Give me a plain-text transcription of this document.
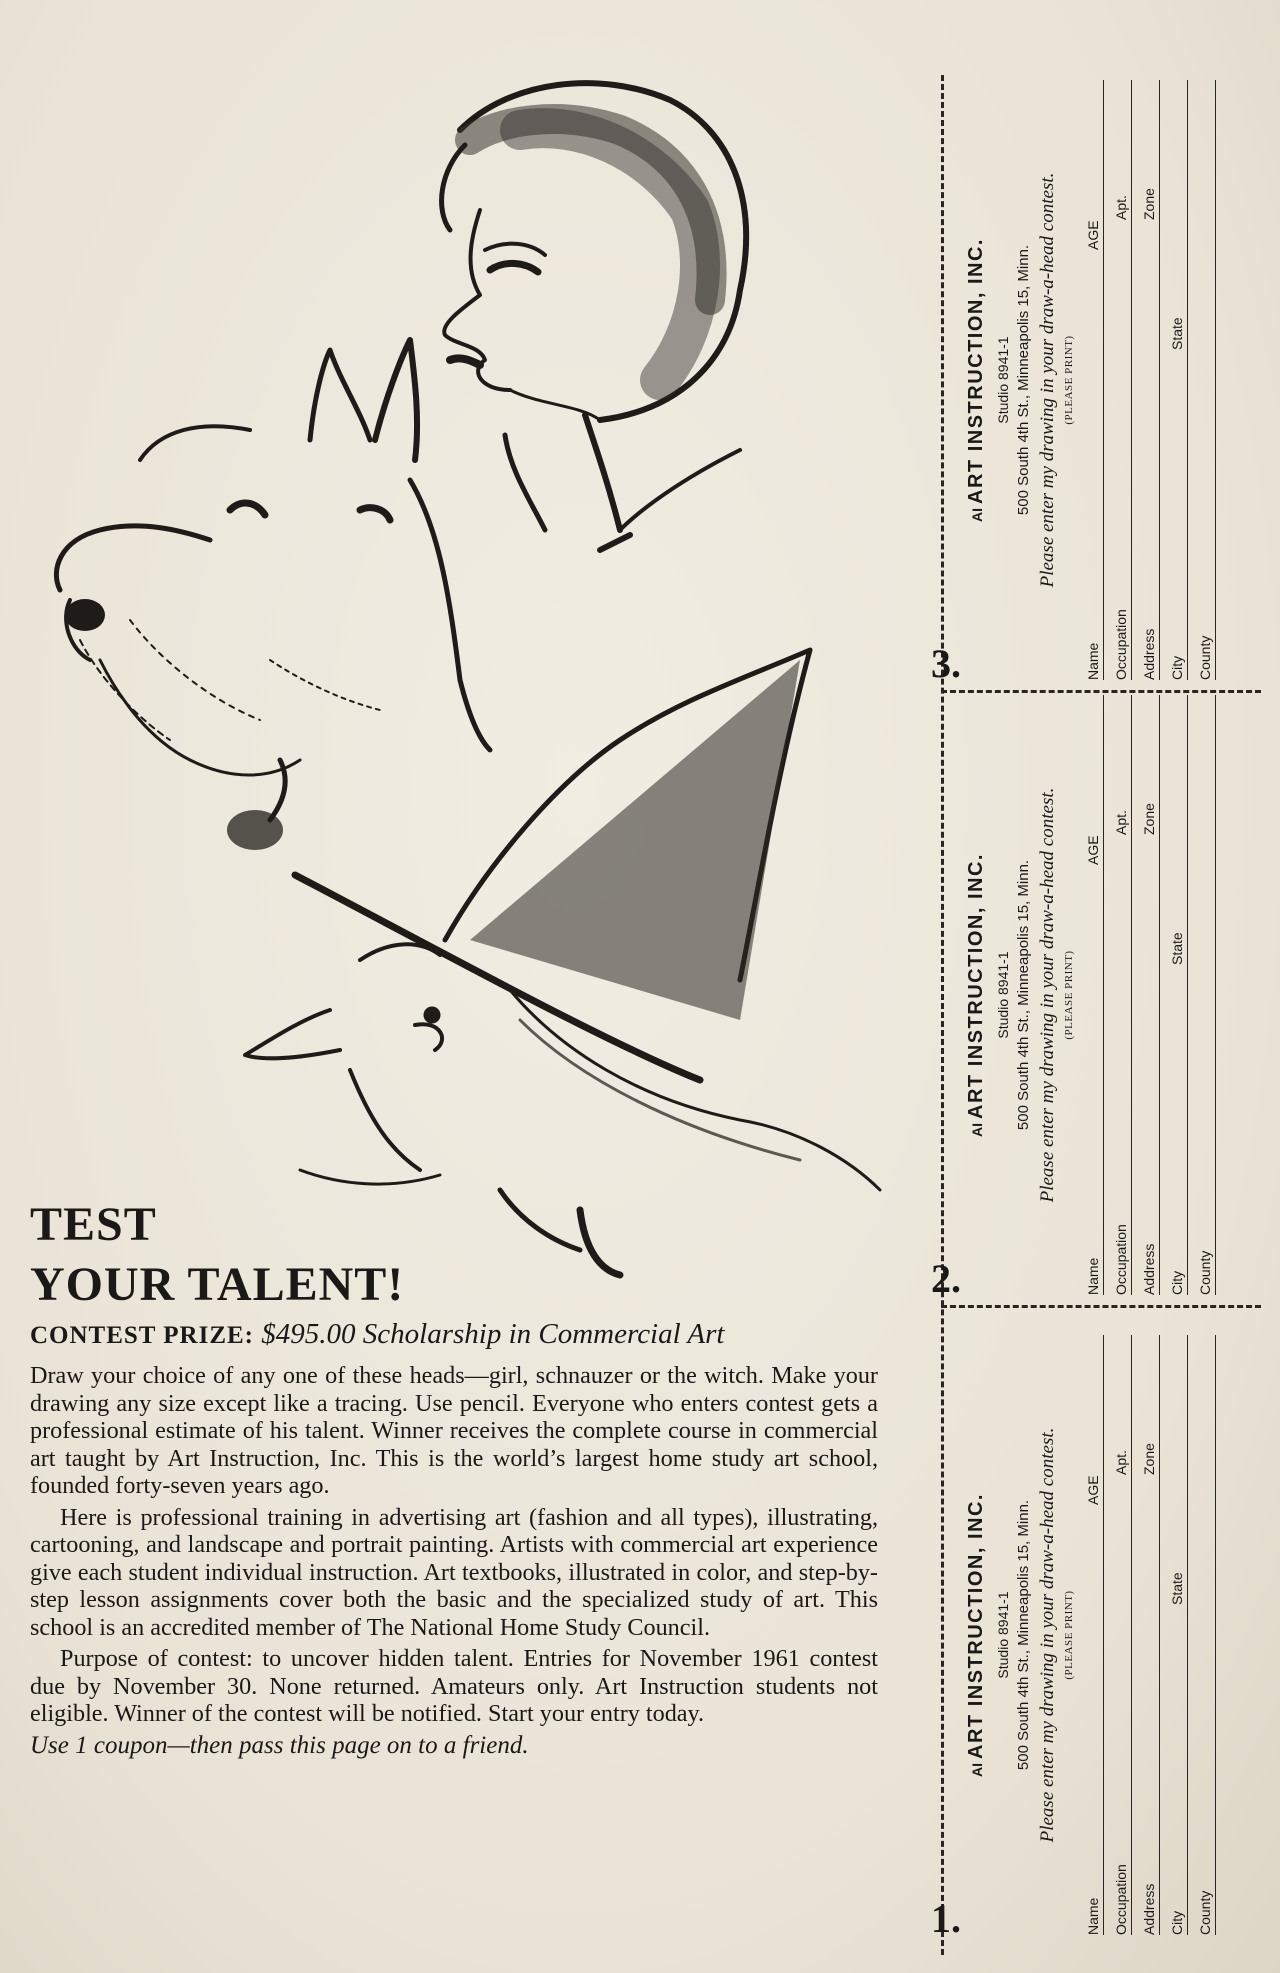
TEST
YOUR TALENT!
CONTEST PRIZE: $495.00 Scholarship in Commercial Art

Draw your choice of any one of these heads—girl, schnauzer or the witch. Make your drawing any size except like a tracing. Use pencil. Everyone who enters contest gets a professional estimate of his talent. Winner receives the complete course in commercial art taught by Art Instruction, Inc. This is the world’s largest home study art school, founded forty-seven years ago.

Here is professional training in advertising art (fashion and all types), illustrating, cartooning, and landscape and portrait painting. Artists with commercial art experience give each student individual instruction. Art textbooks, illustrated in color, and step-by-step lesson assignments cover both the basic and the specialized study of art. This school is an accredited member of The National Home Study Council.

Purpose of contest: to uncover hidden talent. Entries for November 1961 contest due by November 30. None returned. Amateurs only. Art Instruction students not eligible. Winner of the contest will be notified. Start your entry today.

Use 1 coupon—then pass this page on to a friend.

3.
AIART INSTRUCTION, INC. Studio 8941-1 500 South 4th St., Minneapolis 15, Minn. Please enter my drawing in your draw-a-head contest. (PLEASE PRINT)
Name
AGE
Occupation
Apt.
Address
Zone
City
State
County
2.
AIART INSTRUCTION, INC. Studio 8941-1 500 South 4th St., Minneapolis 15, Minn. Please enter my drawing in your draw-a-head contest. (PLEASE PRINT)
Name
AGE
Occupation
Apt.
Address
Zone
City
State
County
1.
AIART INSTRUCTION, INC. Studio 8941-1 500 South 4th St., Minneapolis 15, Minn. Please enter my drawing in your draw-a-head contest. (PLEASE PRINT)
Name
AGE
Occupation
Apt.
Address
Zone
City
State
County
